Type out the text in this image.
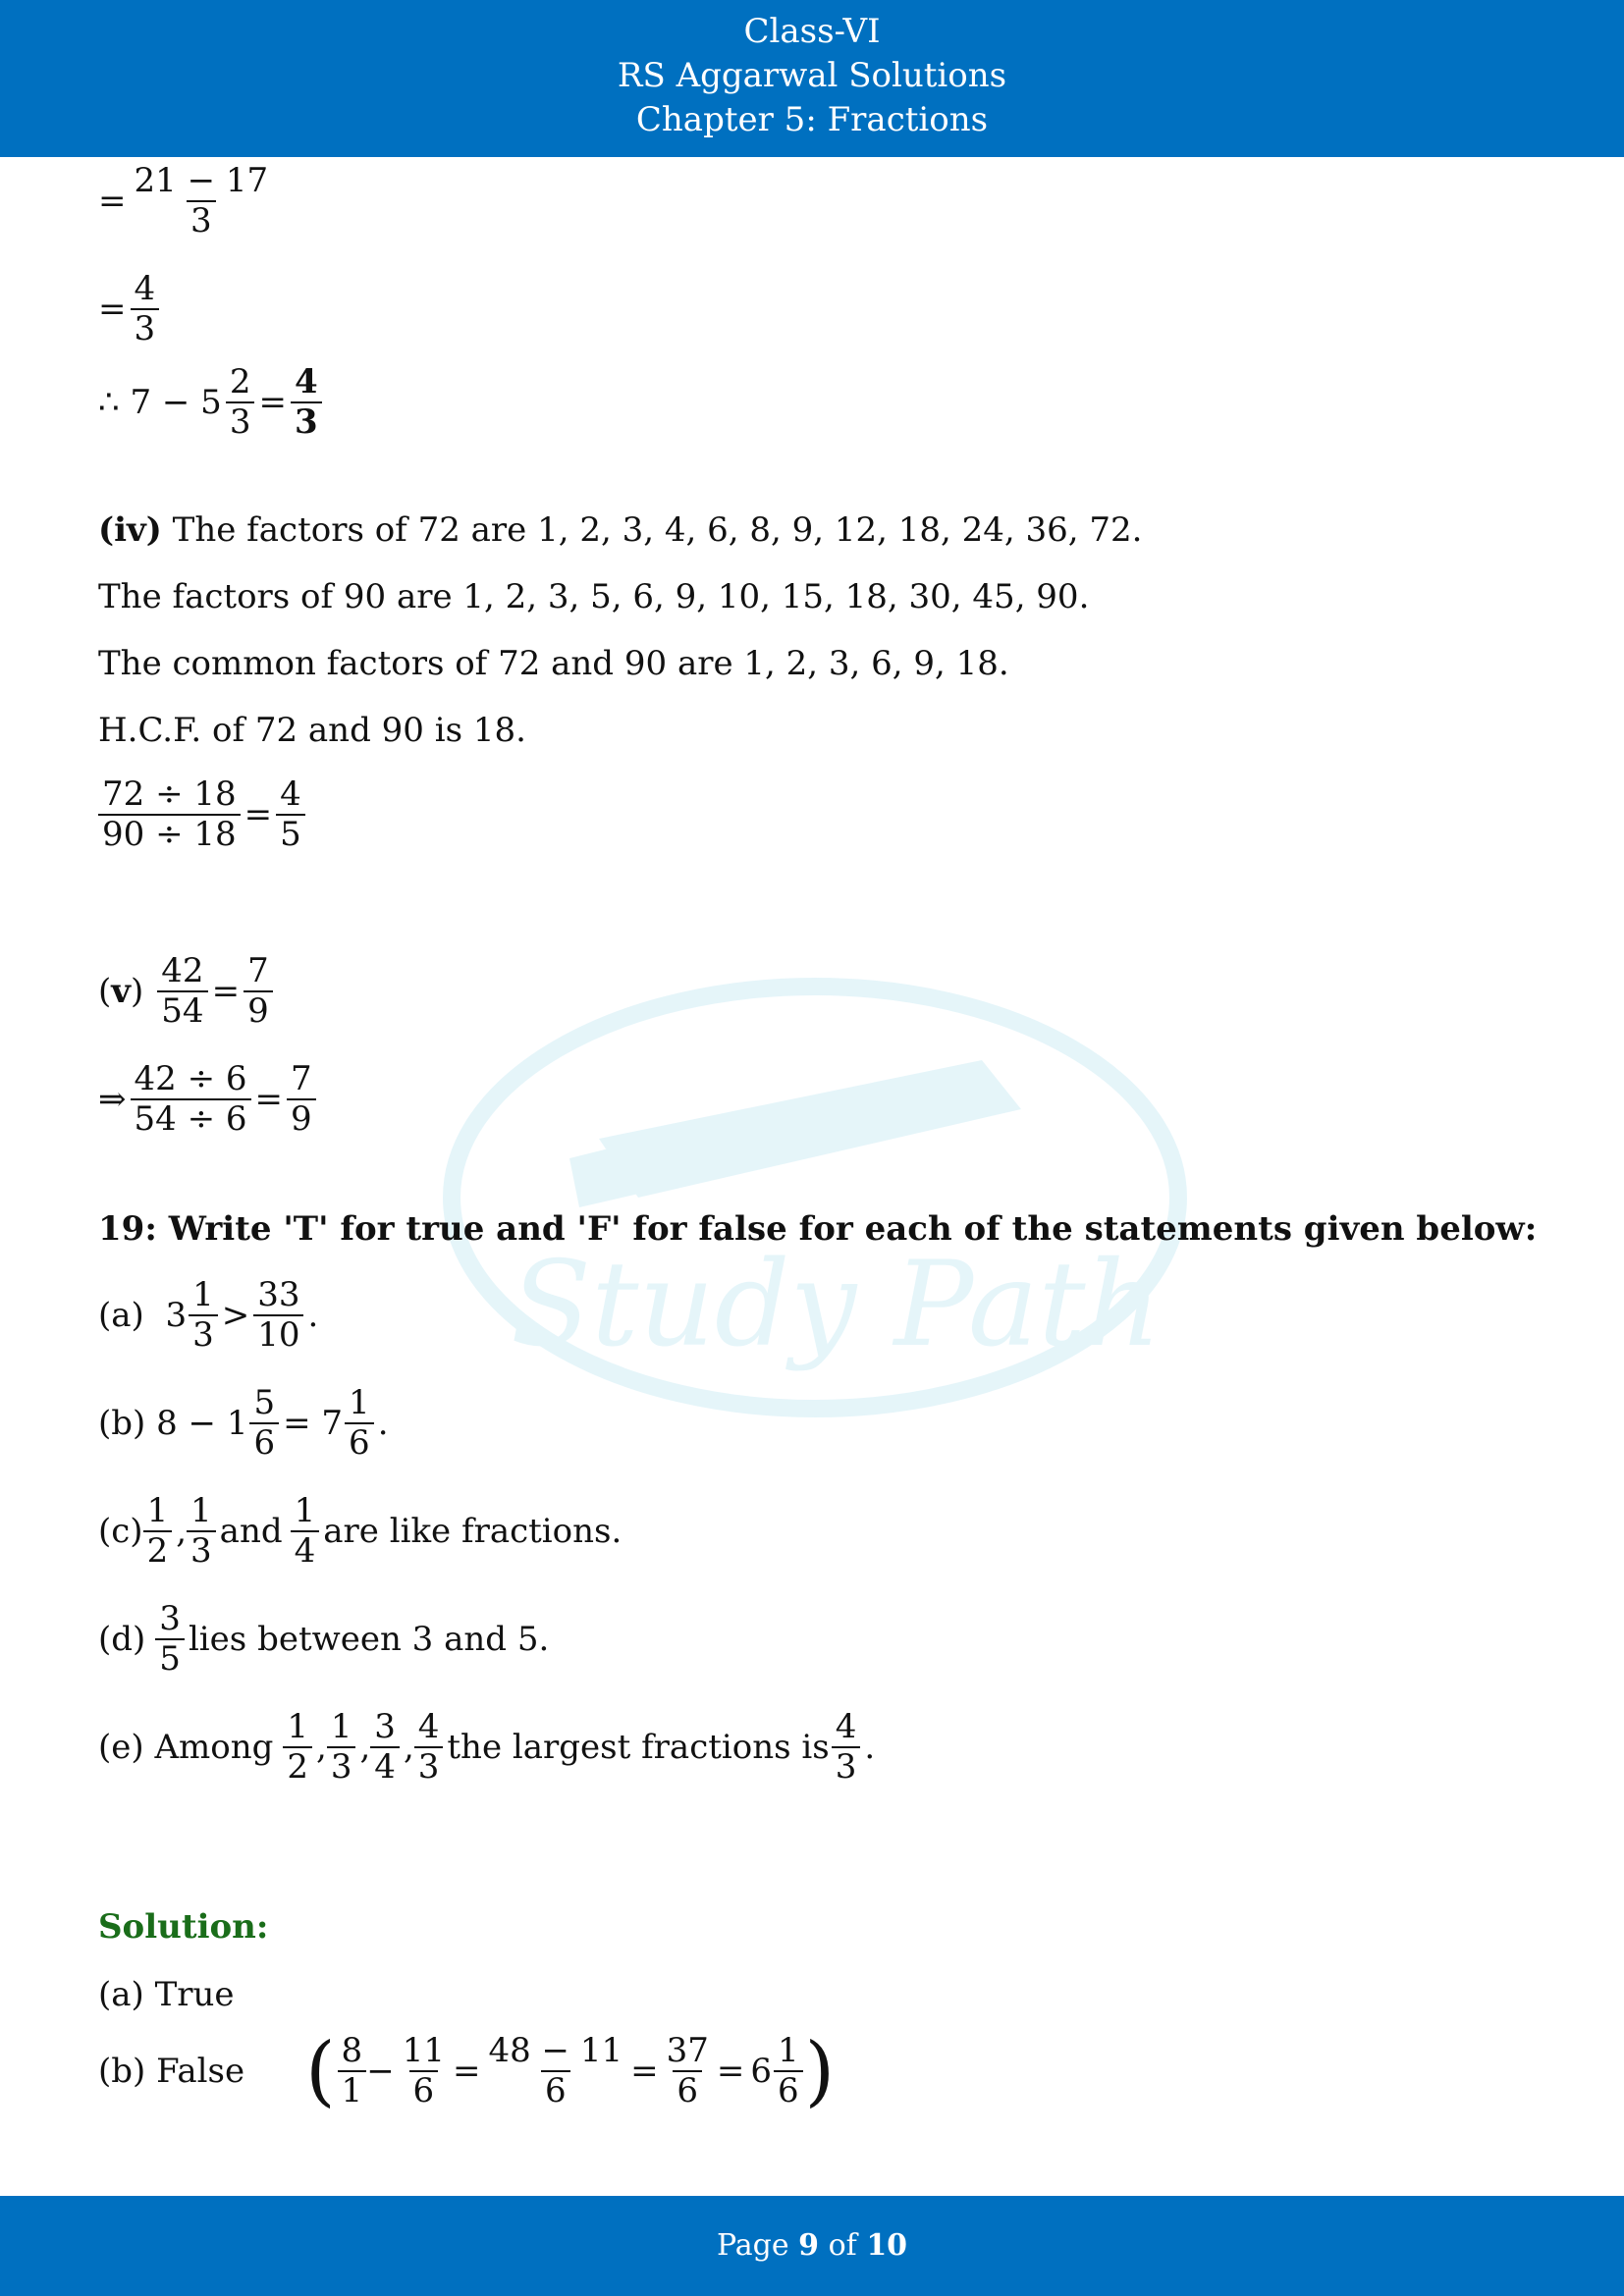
Class-VI
RS Aggarwal Solutions
Chapter 5: Fractions
Study Path
= $\frac{21 - 17}{3}$
= $\frac{4}{3}$
∴ $7 - 5 \frac{2}{3} = \frac{4}{3}$
(iv)
The factors of 72 are 1, 2, 3, 4, 6, 8, 9, 12, 18, 24, 36, 72.
The factors of 90 are 1, 2, 3, 5, 6, 9, 10, 15, 18, 30, 45, 90.
The common factors of 72 and 90 are 1, 2, 3, 6, 9, 18.
H.C.F. of 72 and 90 is 18.
$\frac{72 \div 18}{90 \div 18} = \frac{4}{5}$
( v ) $\frac{42}{54} = \frac{7}{9}$
⇒ $\frac{42 \div 6}{54 \div 6} = \frac{7}{9}$
19: Write 'T' for true and 'F' for false for each of the statements given below:
(a)
$3 \frac{1}{3} > \frac{33}{10}$ .
(b) $8 - 1 \frac{5}{6} = 7 \frac{1}{6}$ .
$(c) \frac{1}{2}$ , $\frac{1}{3}$ and $\frac{1}{4}$ are like fractions.
$(d) \frac{3}{5}$ lies between 3 and 5.
(e) Among $\frac{1}{2}$ , $\frac{1}{3}$ , $\frac{3}{4}$ , $\frac{4}{3}$ the largest fractions is $\frac{4}{3}$ .
Solution:
(a) True
(b) False ( $\frac{8}{1} - \frac{11}{6} = \frac{48 - 11}{6} = \frac{37}{6} = 6 \frac{1}{6}$ )
Page 9 of 10
